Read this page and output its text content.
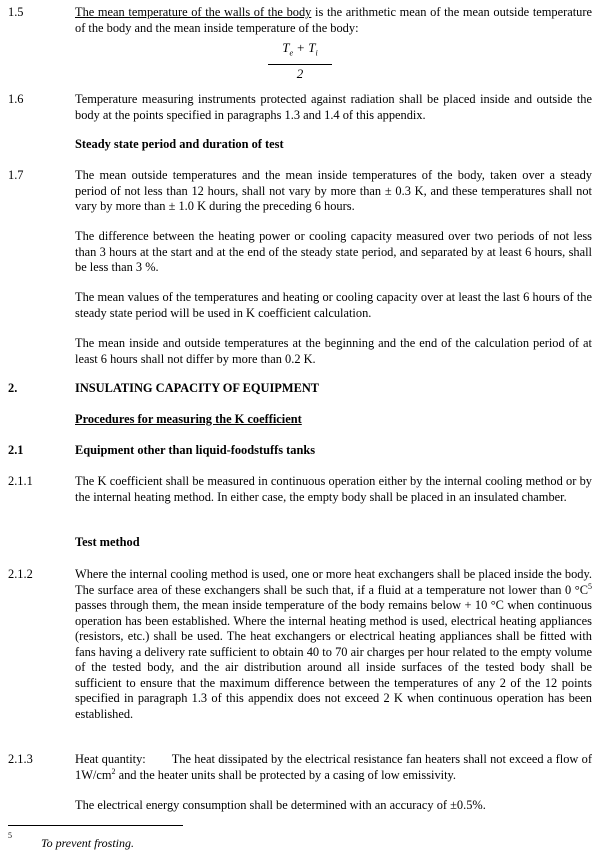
1.5	The mean temperature of the walls of the body is the arithmetic mean of the mean outside temperature of the body and the mean inside temperature of the body:

$\frac{T_e + T_i}{2}$
1.6	Temperature measuring instruments protected against radiation shall be placed inside and outside the body at the points specified in paragraphs 1.3 and 1.4 of this appendix.

Steady state period and duration of test
1.7	The mean outside temperatures and the mean inside temperatures of the body, taken over a steady period of not less than 12 hours, shall not vary by more than ± 0.3 K, and these temperatures shall not vary by more than ± 1.0 K during the preceding 6 hours.

The difference between the heating power or cooling capacity measured over two periods of not less than 3 hours at the start and at the end of the steady state period, and separated by at least 6 hours, shall be less than 3 %.

The mean values of the temperatures and heating or cooling capacity over at least the last 6 hours of the steady state period will be used in K coefficient calculation.

The mean inside and outside temperatures at the beginning and the end of the calculation period of at least 6 hours shall not differ by more than 0.2 K.

2.	INSULATING CAPACITY OF EQUIPMENT
Procedures for measuring the K coefficient
2.1	Equipment other than liquid-foodstuffs tanks
2.1.1	The K coefficient shall be measured in continuous operation either by the internal cooling method or by the internal heating method. In either case, the empty body shall be placed in an insulated chamber.

Test method
2.1.2	Where the internal cooling method is used, one or more heat exchangers shall be placed inside the body. The surface area of these exchangers shall be such that, if a fluid at a temperature not lower than 0 $^\circ C^5$ passes through them, the mean inside temperature of the body remains below + 10 °C when continuous operation has been established. Where the internal heating method is used, electrical heating appliances (resistors, etc.) shall be used. The heat exchangers or electrical heating appliances shall be fitted with fans having a delivery rate sufficient to obtain 40 to 70 air charges per hour related to the empty volume of the tested body, and the air distribution around all inside surfaces of the tested body shall be sufficient to ensure that the maximum difference between the temperatures of any 2 of the 12 points specified in paragraph 1.3 of this appendix does not exceed 2 K when continuous operation has been established.

2.1.3	Heat quantity: The heat dissipated by the electrical resistance fan heaters shall not exceed a flow of $1W/cm^2$ and the heater units shall be protected by a casing of low emissivity.

The electrical energy consumption shall be determined with an accuracy of ±0.5%.

5
To prevent frosting.
